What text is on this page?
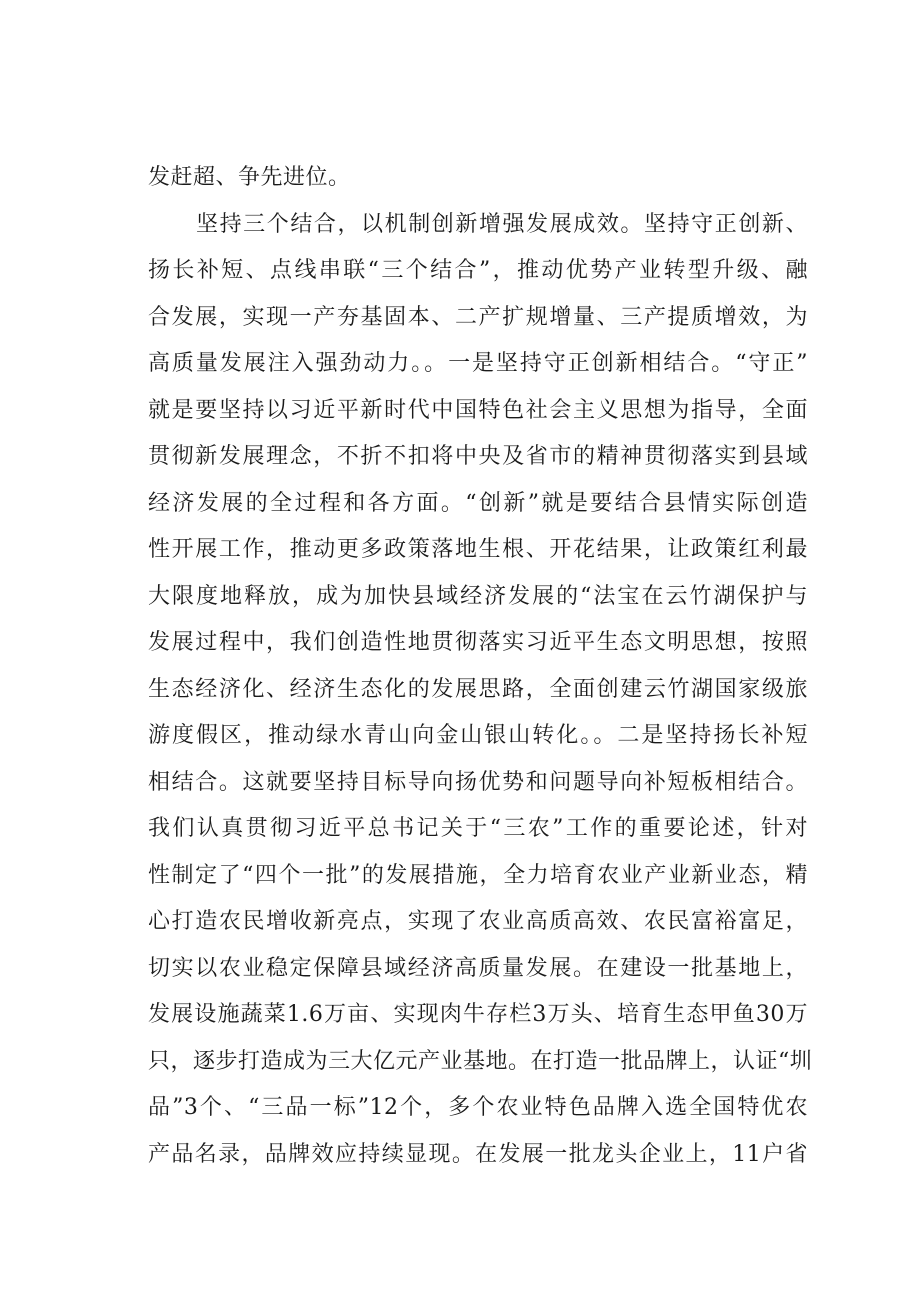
发赶超、争先进位。
坚持三个结合，以机制创新增强发展成效。坚持守正创新、
扬长补短、点线串联“三个结合”，推动优势产业转型升级、融
合发展，实现一产夯基固本、二产扩规增量、三产提质增效，为
高质量发展注入强劲动力。。一是坚持守正创新相结合。“守正”
就是要坚持以习近平新时代中国特色社会主义思想为指导，全面
贯彻新发展理念，不折不扣将中央及省市的精神贯彻落实到县域
经济发展的全过程和各方面。“创新”就是要结合县情实际创造
性开展工作，推动更多政策落地生根、开花结果，让政策红利最
大限度地释放，成为加快县域经济发展的“法宝在云竹湖保护与
发展过程中，我们创造性地贯彻落实习近平生态文明思想，按照
生态经济化、经济生态化的发展思路，全面创建云竹湖国家级旅
游度假区，推动绿水青山向金山银山转化。。二是坚持扬长补短
相结合。这就要坚持目标导向扬优势和问题导向补短板相结合。
我们认真贯彻习近平总书记关于“三农”工作的重要论述，针对
性制定了“四个一批”的发展措施，全力培育农业产业新业态，精
心打造农民增收新亮点，实现了农业高质高效、农民富裕富足，
切实以农业稳定保障县域经济高质量发展。在建设一批基地上，
发展设施蔬菜1.6万亩、实现肉牛存栏3万头、培育生态甲鱼30万
只，逐步打造成为三大亿元产业基地。在打造一批品牌上，认证“圳
品”3个、“三品一标”12个，多个农业特色品牌入选全国特优农
产品名录，品牌效应持续显现。在发展一批龙头企业上，11户省
